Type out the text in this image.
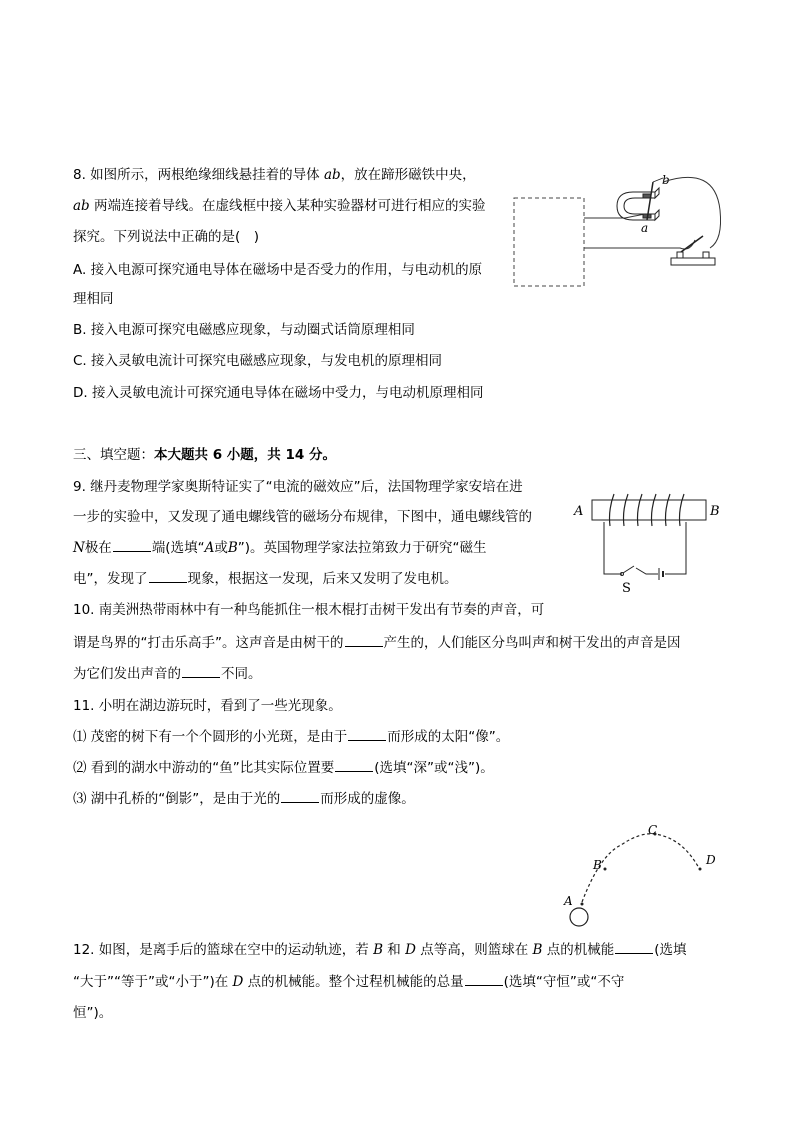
8. 如图所示，两根绝缘细线悬挂着的导体 ab，放在蹄形磁铁中央，
ab 两端连接着导线。在虚线框中接入某种实验器材可进行相应的实验
探究。下列说法中正确的是(　)
A. 接入电源可探究通电导体在磁场中是否受力的作用，与电动机的原
理相同
B. 接入电源可探究电磁感应现象，与动圈式话筒原理相同
C. 接入灵敏电流计可探究电磁感应现象，与发电机的原理相同
D. 接入灵敏电流计可探究通电导体在磁场中受力，与电动机原理相同
b
a
三、填空题：本大题共 6 小题，共 14 分。
9. 继丹麦物理学家奥斯特证实了“电流的磁效应”后，法国物理学家安培在进
一步的实验中，又发现了通电螺线管的磁场分布规律，下图中，通电螺线管的
N极在	端(选填“A或B”)。英国物理学家法拉第致力于研究“磁生
电”，发现了	现象，根据这一发现，后来又发明了发电机。
A	B
S
10. 南美洲热带雨林中有一种鸟能抓住一根木棍打击树干发出有节奏的声音，可
谓是鸟界的“打击乐高手”。这声音是由树干的	产生的，人们能区分鸟叫声和树干发出的声音是因
为它们发出声音的	不同。
11. 小明在湖边游玩时，看到了一些光现象。
⑴ 茂密的树下有一个个圆形的小光斑，是由于	而形成的太阳“像”。
⑵ 看到的湖水中游动的“鱼”比其实际位置要	(选填“深”或“浅”)。
⑶ 湖中孔桥的“倒影”，是由于光的	而形成的虚像。
A
B
C
D
12. 如图，是离手后的篮球在空中的运动轨迹，若 B 和 D 点等高，则篮球在 B 点的机械能	(选填
“大于”“等于”或“小于”)在 D 点的机械能。整个过程机械能的总量	(选填“守恒”或“不守
恒”)。
